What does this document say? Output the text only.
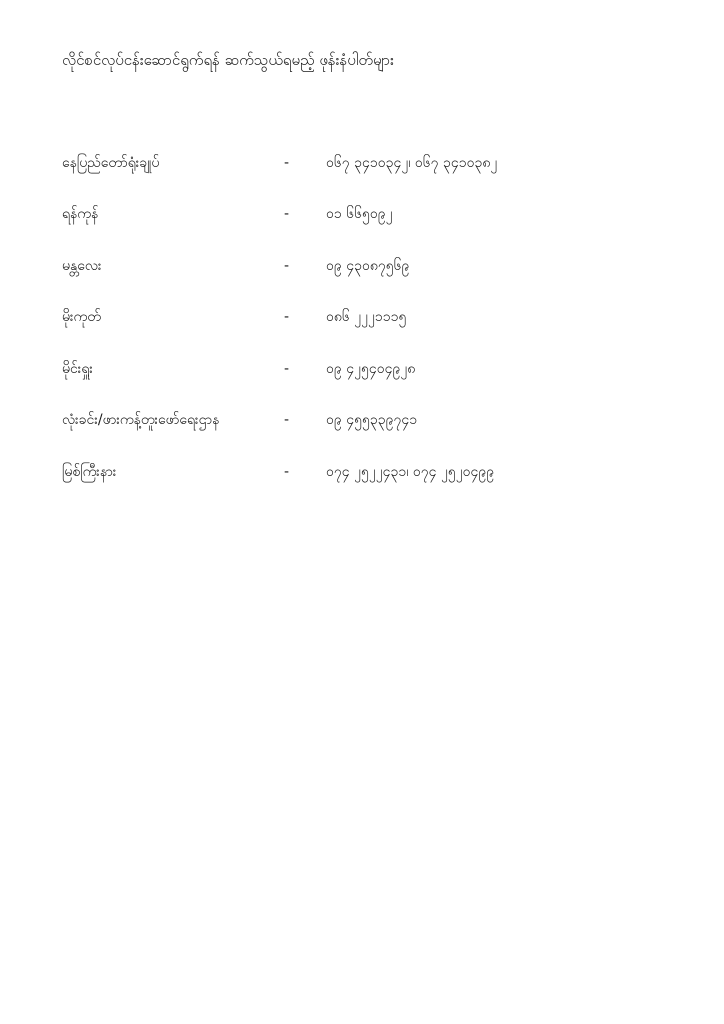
လိုင်စင်လုပ်ငန်းဆောင်ရွက်ရန် ဆက်သွယ်ရမည့် ဖုန်းနံပါတ်များ
နေပြည်တော်ရုံးချုပ်	-	၀၆၇ ၃၄၁၀၃၄၂၊ ၀၆၇ ၃၄၁၀၃၈၂
ရန်ကုန်	-	၀၁ ၆၆၅၀၉၂
မန္တလေး	-	၀၉ ၄၃၀၈၇၅၆၉
မိုးကုတ်	-	၀၈၆ ၂၂၂၁၁၁၅
မိုင်းရှူး	-	၀၉ ၄၂၅၄၀၄၉၂၈
လုံးခင်း/ဖားကန့်တူးဖော်ရေးဌာန	-	၀၉ ၄၅၅၃၃၉၇၄၁
မြစ်ကြီးနား	-	၀၇၄ ၂၅၂၂၄၃၁၊ ၀၇၄ ၂၅၂၀၄၉၉
